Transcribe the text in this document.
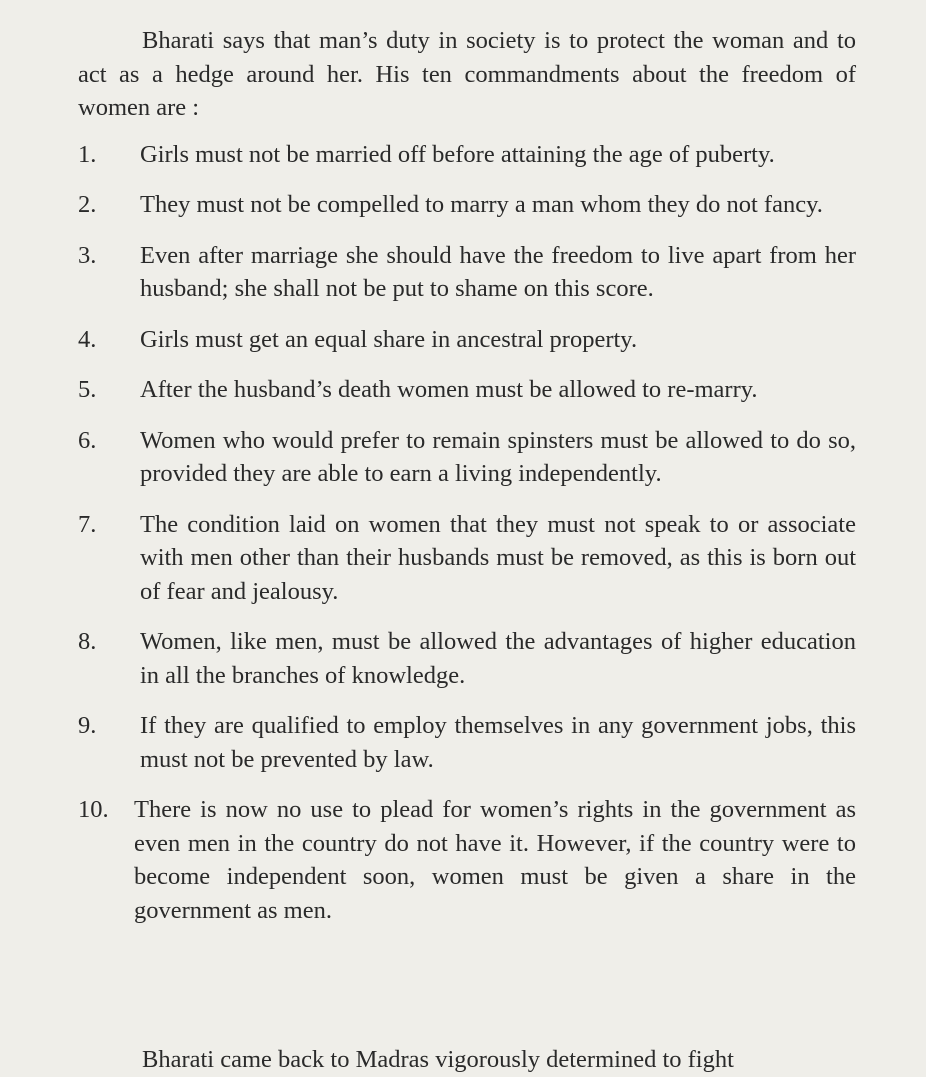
Bharati says that man’s duty in society is to protect the woman and to act as a hedge around her. His ten commandments about the freedom of women are :

1.	Girls must not be married off before attaining the age of puberty.
2.	They must not be compelled to marry a man whom they do not fancy.
3.	Even after marriage she should have the freedom to live apart from her husband; she shall not be put to shame on this score.
4.	Girls must get an equal share in ancestral property.
5.	After the husband’s death women must be allowed to re-marry.
6.	Women who would prefer to remain spinsters must be allowed to do so, provided they are able to earn a living independently.
7.	The condition laid on women that they must not speak to or associate with men other than their husbands must be removed, as this is born out of fear and jealousy.
8.	Women, like men, must be allowed the advantages of higher education in all the branches of knowledge.
9.	If they are qualified to employ themselves in any government jobs, this must not be prevented by law.
10.	There is now no use to plead for women’s rights in the government as even men in the country do not have it. However, if the country were to become independent soon, women must be given a share in the government as men.
Bharati came back to Madras vigorously determined to fight
